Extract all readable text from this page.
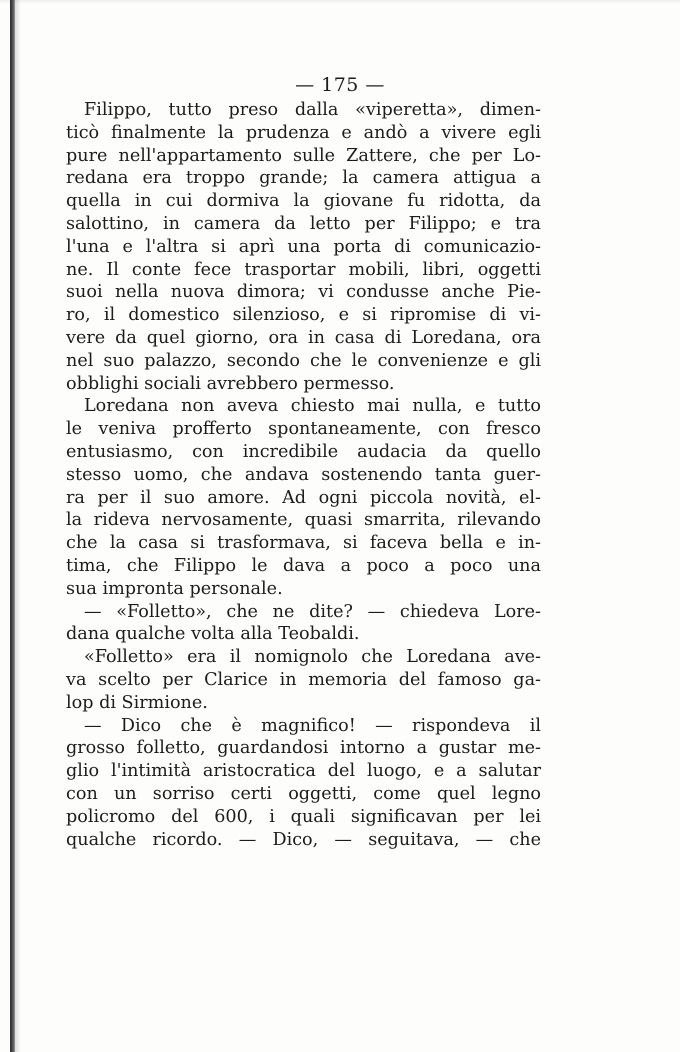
— 175 —
Filippo, tutto preso dalla «viperetta», dimen-
ticò finalmente la prudenza e andò a vivere egli
pure nell'appartamento sulle Zattere, che per Lo-
redana era troppo grande; la camera attigua a
quella in cui dormiva la giovane fu ridotta, da
salottino, in camera da letto per Filippo; e tra
l'una e l'altra si aprì una porta di comunicazio-
ne. Il conte fece trasportar mobili, libri, oggetti
suoi nella nuova dimora; vi condusse anche Pie-
ro, il domestico silenzioso, e si ripromise di vi-
vere da quel giorno, ora in casa di Loredana, ora
nel suo palazzo, secondo che le convenienze e gli
obblighi sociali avrebbero permesso.
Loredana non aveva chiesto mai nulla, e tutto
le veniva profferto spontaneamente, con fresco
entusiasmo, con incredibile audacia da quello
stesso uomo, che andava sostenendo tanta guer-
ra per il suo amore. Ad ogni piccola novità, el-
la rideva nervosamente, quasi smarrita, rilevando
che la casa si trasformava, si faceva bella e in-
tima, che Filippo le dava a poco a poco una
sua impronta personale.
— «Folletto», che ne dite? — chiedeva Lore-
dana qualche volta alla Teobaldi.
«Folletto» era il nomignolo che Loredana ave-
va scelto per Clarice in memoria del famoso ga-
lop di Sirmione.
— Dico che è magnifico! — rispondeva il
grosso folletto, guardandosi intorno a gustar me-
glio l'intimità aristocratica del luogo, e a salutar
con un sorriso certi oggetti, come quel legno
policromo del 600, i quali significavan per lei
qualche ricordo. — Dico, — seguitava, — che
